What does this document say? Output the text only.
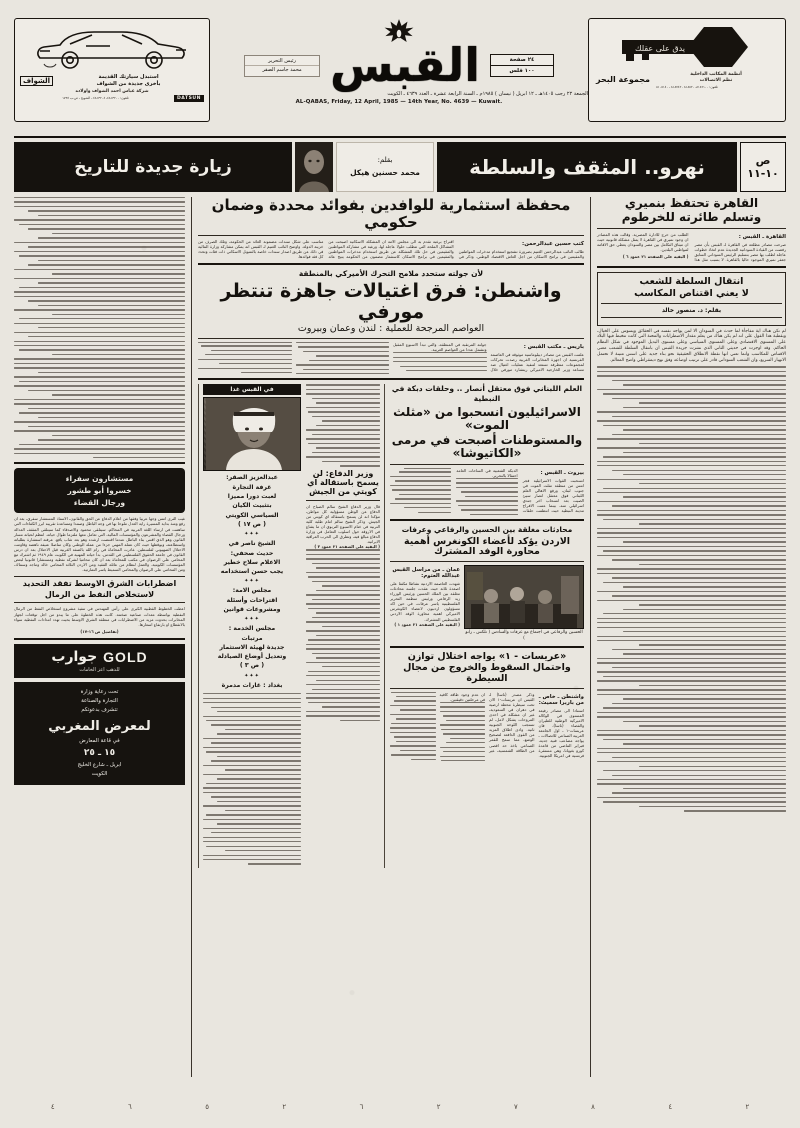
يدق على عقلك
أنظمة المكاتب الداخلية
نظم الاتصالات
مجموعة البحر
تلفون: ٨١٨٦١٠٠ـ ٨١٨٥٢٠ ٨١٨٧٤٢٠ ـ ٨١٠٥١٤٠
٢٤ صفحة
١٠٠ فلس
القبس
رئيس التحرير
محمد جاسم الصقر
الجمعة ٢٢ رجب ١٤٠٥هـ ـ ١٢ ابريل ( نيسان ) ١٩٨٥م ـ السنة الرابعة عشرة ـ العدد ٤٦٣٩ ـ الكويت
AL-QABAS, Friday, 12 April, 1985 — 14th Year, No. 4639 — Kuwait.
استبدل سيارتك القديمة
بأخرى جديدة من الشواف
الشواف
شركة عباس احمد الشواف واولاده
DATSUN
تلفون: ٤٨١٣٢٠٠ـ ٤٨١٣٢٠٤ ـ الشويخ ـ ص.ب ١٧٣٤
ص ١٠-١١
نهرو.. المثقف والسلطة
بقلم:
محمد حسنين هيكل
زيارة جديدة للتاريخ
القاهرة تحتفظ بنميري
وتسلم طائرته للخرطوم
القاهرة ـ القبس :
صرحت مصادر مطلعة في القاهرة لـ القبس بأن مصر رفضت من القيادة السودانية الجديدة عدم اتخاذ خطوات عاجلة لطلب بها مصر بتسليم الرئيس السوداني السابق جعفر نميري الموجود حاليا بالقاهرة. لا بسبب مثل هذا الطلب من حرج للادارة المصرية. وقالت هذه المصادر ان وجود نميري في القاهرة لا يمثل مشكلة قانونية حيث ان ميثاق التكامل بين مصر والسودان يعطي حق الاقامة لمواطني البلدين.
( البقية على الصفحة ٢١ عمود ٦ )
انتقال السلطة للشعب
لا يعني اقتناص المكاسب
بقلم: د. منصور خالد
لم تكن هناك اية مفاجأة لما حدث في السودان الا لمن يواجه نفسه في الحقائق ويسوس على الخيال، وبقطبة هذا القول على انه لم يكن هناك من يعلم مقدار الاضطرابات والمحنة التي كانت تتخبط فيها البلاد على المستوى الاقتصادي وعلى المستوى السياسي وعلى مستوى البديل الموجود في شكل النظام الحاكم. وقد اوجزت في حديثي الثاني الذي نشرت جريدة القبس ان بانتقال السلطة للشعب معنى الاقتناص للمكاسب وانما تعني انها نقطة الانطلاق الحقيقية نحو بناء جديد على اسس متينة لا تحتمل الانهيار السريع، وان الشعب السوداني قادر على ترتيب اوضاعه وفق نهج ديمقراطي واضح المعالم.
محفظة استثمارية للوافدين بفوائد محددة وضمان حكومي
كتب حسين عبدالرحمن:
طالب النائب عبدالرحمن الغنيم بضرورة تشجيع استخدام مدخرات المواطنين والمقيمين في برامج الاسكان من اجل العاش الاقتصاد الوطني. وذكر في اقتراح برغبة تقدم به الى مجلس الامة ان المشكلة الاسكانية اصبحت من المشاكل الملحة التي تتطلب حلولا عاجلة لها، ورغبة في مشاركة المواطنين والمقيمين في حل تلك المشكلة عن طريق استخدام مدخرات المواطنين والمقيمين في برامج الاسكان كاستثمار مضمون من الحكومة يتيح عائد مناسب على شكل سندات مضمونة العائد من الحكومة، وتلك الصرف من خزينة الدولة. واوضح النائب الغنيم لـ القبس انه يمكن مشاركة وزارة المالية في ذلك عن طريق اصدار سندات خاصة بالتمويل الاسكاني ذات فئات وتحدد كل فئة فوائدها.
لأن جولته ستحدد ملامح التحرك الأميركي بالمنطقة
واشنطن: فرق اغتيالات جاهزة تنتظر مورفي
العواصم المرجحة للعملية : لندن وعمان وبيروت
باريس ـ مكتب القبس :
علمت القبس من مصادر ديبلوماسية موثوقة في العاصمة الفرنسية ان اجهزة المخابرات الغربية رصدت تحركات لمجموعات متطرفة تستعد لتنفيذ عمليات اغتيال ضد مساعد وزير الخارجية الاميركي ريتشارد مورفي خلال جولته المرتقبة في المنطقة، والتي تبدأ الاسبوع المقبل وتشمل عددا من العواصم العربية.
العلم اللبناني فوق معتقل أنصار .. وحلقات دبكة في النبطية
الاسرائيليون انسحبوا من «مثلث الموت»
والمستوطنات أصبحت في مرمى «الكاتيوشا»
بيروت ـ القبس :
انسحبت القوات الاسرائيلية فجر امس من منطقة مثلث الموت في جنوب لبنان، ورفع الاهالي العلم اللبناني فوق معتقل انصار سيئ الصيت بعد انسحاب اخر جندي اسرائيلي منه، بينما عمت الافراح مدينة النبطية حيث انتظمت حلقات الدبكة الشعبية في الساحات العامة احتفالا بالتحرير.
محادثات مغلقة بين الحسين والرفاعي وعرفات
الاردن يؤكد لأعضاء الكونغرس أهمية محاورة الوفد المشترك
الحسين والرفاعي في اجتماع مع عرفات والسادس ( تلكس ـ رانو )
عمان ـ من مراسل القبس عبدالله العتوم:
شهدت العاصمة الاردنية نشاطا مكثفا على اصعدة ثلاثة حيث عقدت جلسة محادثات مغلقة بين الملك الحسين ورئيس الوزراء زيد الرفاعي ورئيس منظمة التحرير الفلسطينية ياسر عرفات، في حين اكد مسؤولون اردنيون لاعضاء الكونغرس الاميركي اهمية محاورة الوفد الاردني الفلسطيني المشترك.
( البقية على الصفحة ٢١ عمود ١ )
«عريسات - ١» يواجه اختلال توازن
واحتمال السقوط والخروج من مجال السيطرة
واشنطن ـ خاص ـ من باربرا سميث:
استنادا الى مصادر رفيعة المستوى في الوكالة الاميركية الوطنية للطيران والفضاء (ناسا)، فان عريسات-١ ـ اول الجامعة العربية الصناعي للاتصالات ـ يواجه مصاعب فنية جدية، فبراير الماضي من قاعدة كورو بغويانا، وهي مستقرة فرنسية في امريكا الجنوبية. وذكر مصدر (ناسا) لـ القبس ان عريسات-١ الان تحت سيطرة محطة ارضية في دهران في السعودية، غير ان مشكلة في احدى المروحات يشكل لامل، لم تستجب اللوحة الجنوبية ثانية. وادى اطلاق المزيد من القوى الدافعة لتصحيح الوضع، مما سمح للقمر الصناعي باخذ حد اقصى من الطاقة الشمسية، غير ان عدم وجود طاقة كافية في مرحلتين دقيقتين.
وزير الدفاع: لن يسمح باستقالة اي كويتي من الجيش
قال وزير الدفاع الشيخ سالم الصباح ان الدفاع عن الوطن مسؤولية كل مواطن، مؤكدا انه لن يسمح باستقالة اي كويتي من الجيش. وذكر الشيخ سالم امام طلبة كلية التربية في ختام الاسبوع التربوي ان ما يشاع في الاروقة حول اسلوب التعامل في وزارة الدفاع مبالغ فيه، وتطرق الى الحرب العراقية الايرانية.
( البقية على الصفحة ٢١ عمود ٣ )
في القبس غدا
عبدالعزيز الصقر:
غرفة التجارة
لعبت دورا مميزا
بتثبيت الكيان
السياسي الكويتي
( ص ١٧ )
✦✦✦
الشيخ ناصر في
حديث صحفي:
الاعلام سلاح خطير
يجب حسن استخدامه
✦✦✦
مجلس الامة:
اقتراحات وأسئلة
ومشروعات قوانين
✦✦✦
مجلس الخدمة :
مرتبات
جديدة لهيئة الاستثمار
وتعديل أوضاع الصيادلة
( ص ٣ )
✦✦✦
بغداد : غارات مدمرة
مستشارون سفراء
خسروا أبو طشور
ورجال القضاء
غيب الثرى امس وجها عربيا وفقها من اعلام الدفاع عن الحق والقانون، الاستاذ المستشار سفري، بعد ان رفع ومنذ بداية المسيرة راية العدل ملوحا بها في وجه الباطل وصمدا ومساعدة تقريبه ابرز الكفاءات التي ساهمت في ارساء اللغة العربية في المحاكم. سيتلقى محمود والاصدقاء كما سيتلقى المثقف العدالة ورجال القضاء والمشرعون والمؤسسات المالية، التي تعامل معها ملتزما طوال حياته. انتظم لحياته مسار القانون وهو الذي اقتنى بناء الباطل عندما اقتنصت ارشده وهو بعد شاب يافع. عرفته استشارة بطلباته واستطاعته، ويوقظها حيث كان عمله المهني جزءا من عمله الوطني وكان مناضلا عنيفة ناهضة وقاومت الاحتلال الصهيوني لفلسطين. غادرت المحاماة في رام الله بالضفة الغربية قبل الاحتلال بعد ان درس القانون في جامعة الحقوق الفلسطيني في القدس. بدأ حياته المهنية في الكويت عام ١٩٤٩ ثم اشترك مع المحامي علي الرضوان في مكتب للمحاماة بعد ان كان محاميا لشركة نفطية ومستشارا قانونيا لبعض المؤسسات الكويتية. والعمل لنظام من عائلة الفقيد ومن الاردن الثلاثة المحامي خالد وماجد وسماك، ومن المحامي علي الرضوان والمحامي السميط ياسر التمارتيه.
اضطرابات الشرق الاوسط تفقد التحديد
لاستخلاص النفط من الرمال
اعطت الخطوط القطبية الكبرى على رأس المهندس في تنفيذ مشروع استخلاص النفط من الرمال النفطية بواسطة معدات صناعية ضخمة. كانت هذه الخطوة على ما يبدو من اجل توقعات لجهاز المخابرات بحدوث مزيد من الاضطرابات في منطقة الشرق الاوسط بحيث تهدد امدادات النفطية سواء بالانقطاع او بارتفاع اسعارها.
(تفاصيل ص ١٦-١٧)
GOLD
جوارب
للذهب اعز الخامات
تحت رعاية وزارة
التجارة والصناعة
تتشرف بدعوتكم
لمعرض المغربي
في قاعة المعارض
١٥ ـ ٢٥
ابريل ـ شارع الخليج
الكويت
٢
٤
٨
٧
٢
٦
٢
٥
٦
٤
